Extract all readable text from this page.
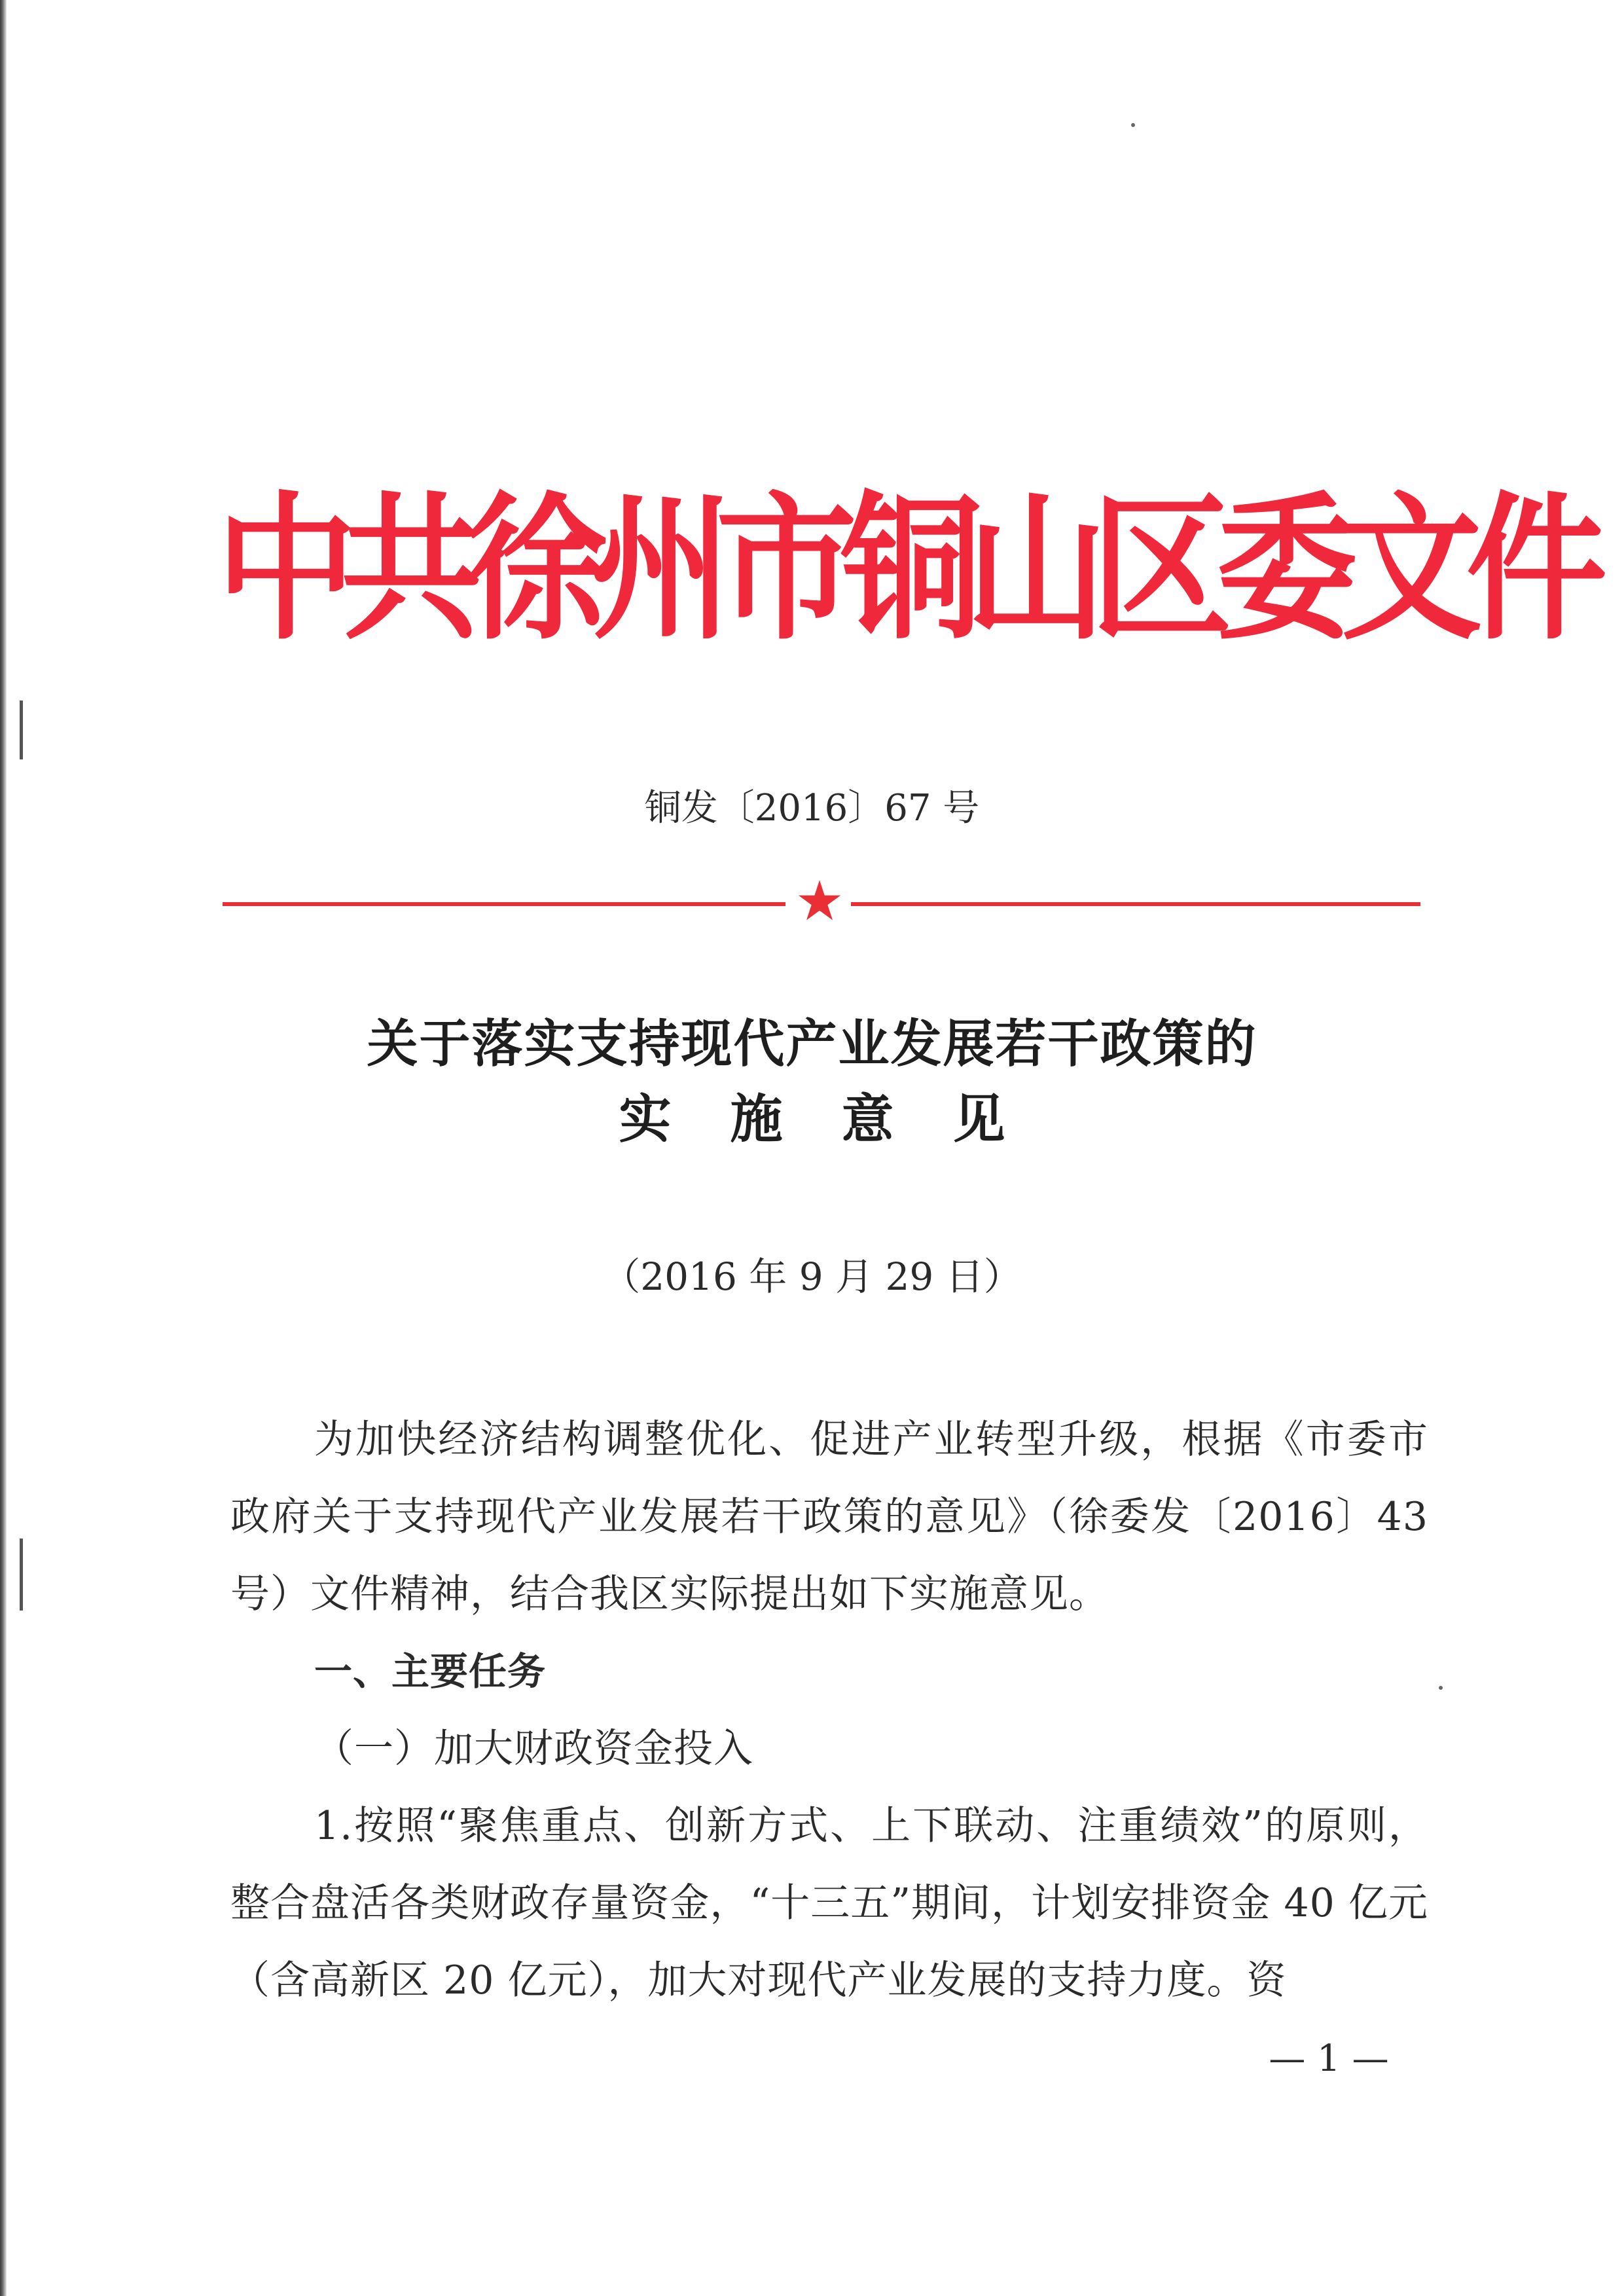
中共徐州市铜山区委文件
铜发〔2016〕67 号
★
关于落实支持现代产业发展若干政策的
实施意见
（2016 年 9 月 29 日）

为加快经济结构调整优化、促进产业转型升级，根据《市委市政府关于支持现代产业发展若干政策的意见》（徐委发〔2016〕43 号）文件精神，结合我区实际提出如下实施意见。

一、主要任务

（一）加大财政资金投入

1.按照“聚焦重点、创新方式、上下联动、注重绩效”的原则，整合盘活各类财政存量资金，“十三五”期间，计划安排资金 40 亿元（含高新区 20 亿元），加大对现代产业发展的支持力度。资

— 1 —
